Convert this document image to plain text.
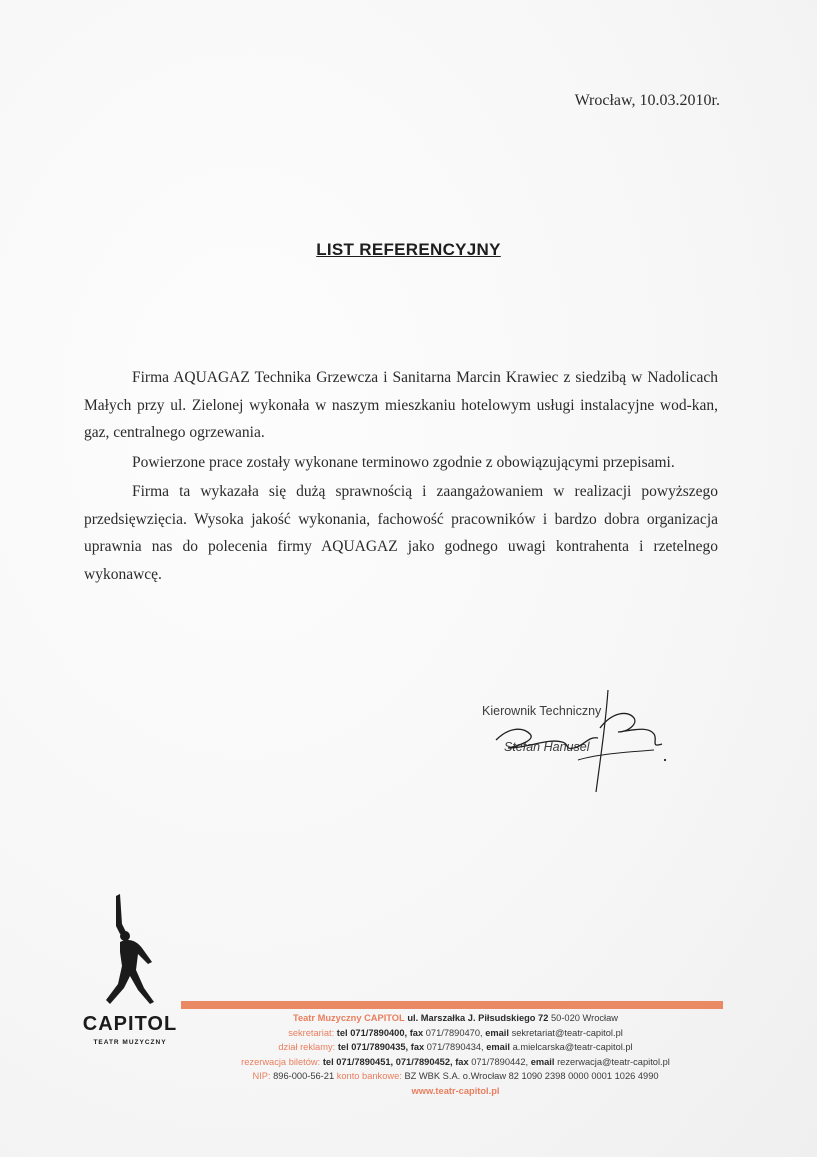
Wrocław, 10.03.2010r.
LIST REFERENCYJNY

Firma AQUAGAZ Technika Grzewcza i Sanitarna Marcin Krawiec z siedzibą w Nadolicach Małych przy ul. Zielonej wykonała w naszym mieszkaniu hotelowym usługi instalacyjne wod-kan, gaz, centralnego ogrzewania.

Powierzone prace zostały wykonane terminowo zgodnie z obowiązującymi przepisami.

Firma ta wykazała się dużą sprawnością i zaangażowaniem w realizacji powyższego przedsięwzięcia. Wysoka jakość wykonania, fachowość pracowników i bardzo dobra organizacja uprawnia nas do polecenia firmy AQUAGAZ jako godnego uwagi kontrahenta i rzetelnego wykonawcę.

Kierownik Techniczny
Stefan Hanusel
CAPITOL
TEATR MUZYCZNY
Teatr Muzyczny CAPITOL ul. Marszałka J. Piłsudskiego 72 50-020 Wrocław
sekretariat: tel 071/7890400, fax 071/7890470, email sekretariat@teatr-capitol.pl
dział reklamy: tel 071/7890435, fax 071/7890434, email a.mielcarska@teatr-capitol.pl
rezerwacja biletów: tel 071/7890451, 071/7890452, fax 071/7890442, email rezerwacja@teatr-capitol.pl
NIP: 896-000-56-21 konto bankowe: BZ WBK S.A. o.Wrocław 82 1090 2398 0000 0001 1026 4990
www.teatr-capitol.pl
